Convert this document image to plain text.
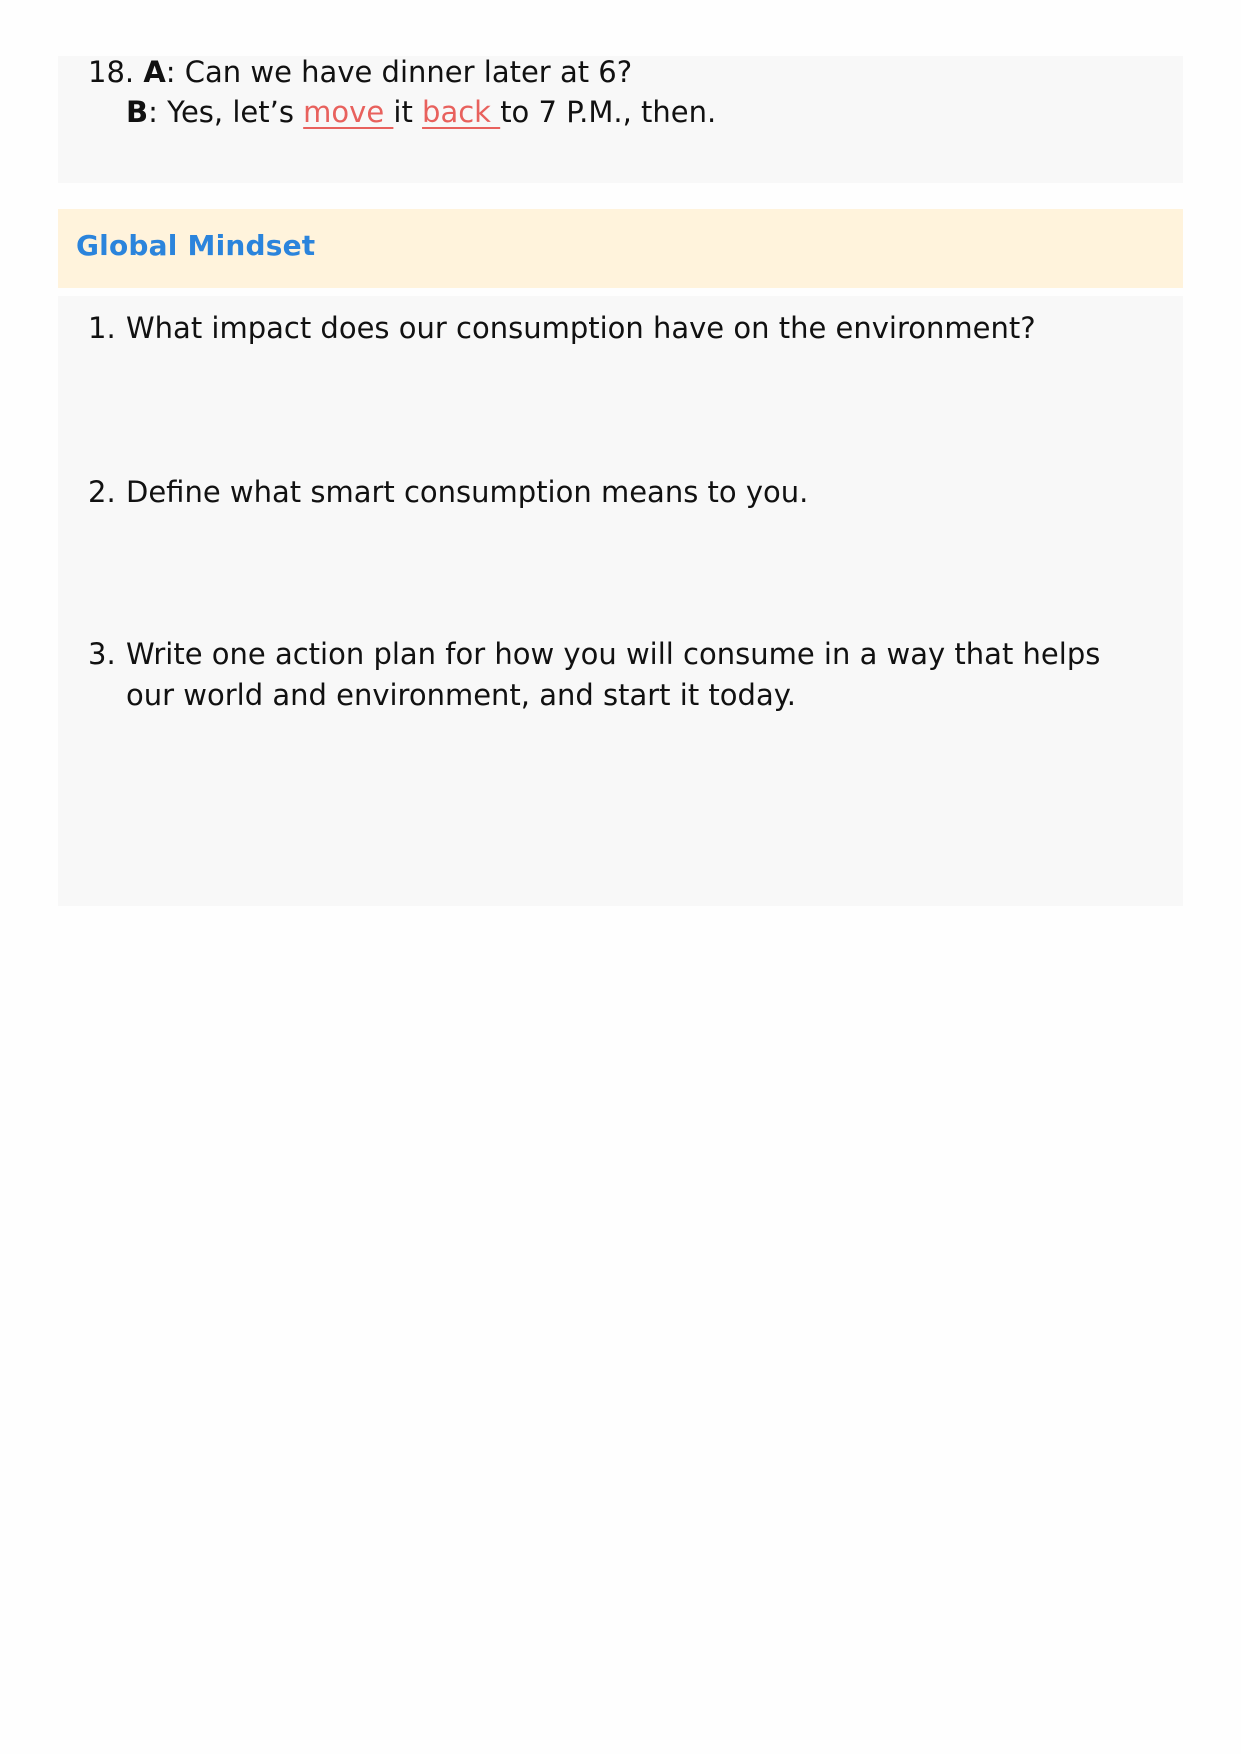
18. A: Can we have dinner later at 6?
B: Yes, let’s move it back to 7 P.M., then.
Global Mindset
1. What impact does our consumption have on the environment?
2. Define what smart consumption means to you.
3. Write one action plan for how you will consume in a way that helps our world and environment, and start it today.
